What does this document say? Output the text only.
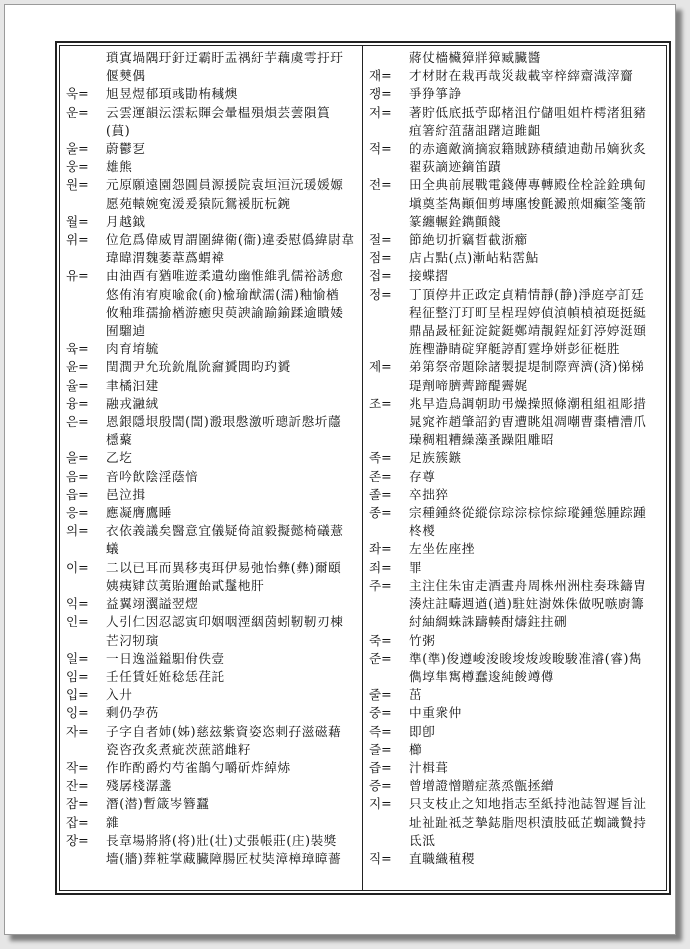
瑣寘堝隅玗釪迂霸盱盂禑紆芋藕虞雩扜玗
偃僰偶
욱=	旭昱煜郁頊彧勖栯稶燠
운=	云雲運韻沄澐耘賱会暈榅殞熉芸蕓隕篔
(蒷)
울=	蔚鬱乭
웅=	雄熊
원=	元原願遠園怨圓員源援院袁垣洹沅瑗媛嫄
愿苑轅婉寃湲爰猿阮鴛褑朊杬鋺
월=	月越鉞
위=	位危爲偉威胃謂圍緯衛(衞)違委慰僞緯尉韋
瑋暐渭魏萎葦蔿蝟褘
유=	由油酉有猶唯遊柔遺幼幽惟維乳儒裕誘愈
悠侑洧宥庾喩兪(俞)楡瑜猷濡(濡)釉愉楢
攸釉琟孺揄楢游癒臾萸諛諭踰鍮蹂逾瞶婑
囿騮逌
육=	肉育堉毓
윤=	閏潤尹允玧鈗胤阭奫贇閭昀玓贇
율=	聿橘汩建
융=	融戎瀜絨
은=	恩銀隱垠殷誾(誾)溵珢慇激听璁訢慇圻蘟
檼藂
을=	乙圪
음=	音吟飮陰淫蔭愔
읍=	邑泣揖
응=	應凝膺鷹睡
의=	衣依義議矣醫意宜儀疑倚誼毅擬懿椅礒薏
蟻
이=	二以已耳而異移夷珥伊易弛怡彝(彝)爾頤
姨痍肄苡荑貽邇飴貳鬔杝肝
익=	益翼翊瀷謚翌熤
인=	人引仁因忍認寅印姻咽湮絪茵蚓靭靭刃棟
芒汈牣璌
일=	一日逸溢鎰馹佾佚壹
임=	壬任賃妊姙稔恁荏託
입=	入廾
잉=	剩仍孕芿
자=	子字自者姉(姊)慈玆紫資姿恣刺孖滋磁藉
瓷咨孜炙煮疵茨蔗諮雌籽
작=	作昨酌爵灼芍雀鵲勺嚼斫炸綽焃
잔=	殘孱棧潺盞
잠=	潛(潜)暫箴岑簪蠶
잡=	雜
장=	長章場將將(将)壯(壮)丈張帳莊(庄)裝獎
墻(牆)葬粧掌藏臟障腸匠杖奘漳樟璋暲薔
蔣仗檣欌獐牂獐臧臟醬
재=	才材財在栽再哉災裁載宰梓縡齋渽滓齎
쟁=	爭狰箏諍
저=	著貯低底抵苧邸楮沮佇儲咀姐杵樗渚狙豬
疽箸紵菹藷詛躇這雎齟
적=	的赤適敵滴摘寂籍賊跡積績迪勣吊嫡狄炙
翟荻謫迹鏑笛蹟
전=	田全典前展戰電錢傳專轉殿佺栓詮銓琠甸
塡奠荃雋顚佃剪塼廛悛氈澱煎畑癲筌箋箭
篆纏輾銓鐫顫餞
절=	節絶切折竊晢截浙癤
점=	店占點(点)漸岾粘霑鮎
접=	接蝶摺
정=	丁頂停井正政定貞精情靜(静)淨庭亭訂廷
程征整汀玎町呈桯珵婷偵湞幀楨禎珽挺綎
鼎晶晸柾鉦淀錠鋌鄭靖靚鋥炡釘渟婷涏頲
旌檉瀞睛碇穽艇諪酊霆埩姘彭征梃胜
제=	弟第祭帝題除諸製提堤制際齊濟(済)悌梯
瑅劑啼臍薺蹄醍霽娓
조=	兆早造鳥調朝助弔燥操照條潮租組祖彫措
晁窕祚趙肇詔釣曺遭眺俎凋嘲曹棗槽漕爪
璪稠粗糟繰藻蚤躁阻雕昭
족=	足族簇鏃
존=	存尊
졸=	卒拙猝
종=	宗種鍾終從縱倧琮淙棕悰綜瑽鍾慫腫踪踵
柊椶
좌=	左坐佐座挫
죄=	罪
주=	主注住朱宙走酒晝舟周株州洲柱奏珠鑄胄
湊炷註疇週遒(遒)駐妵澍姝侏做呪嗾廚籌
紂紬綢蛛誅躊輳酎燽鉒拄硎
죽=	竹粥
준=	準(準)俊遵峻浚晙埈焌竣畯駿准濬(睿)雋
儁埻隼寯樽蠢逡純餕竴僔
줄=	茁
중=	中重衆仲
즉=	即卽
즐=	櫛
즙=	汁楫葺
증=	曾增證憎贈症蒸烝甑拯繒
지=	只支枝止之知地指志至紙持池誌智遲旨沚
址祉趾祗芝摯鋕脂咫枳漬肢砥芷蜘識贄持
氐泜
직=	直職織稙稷
